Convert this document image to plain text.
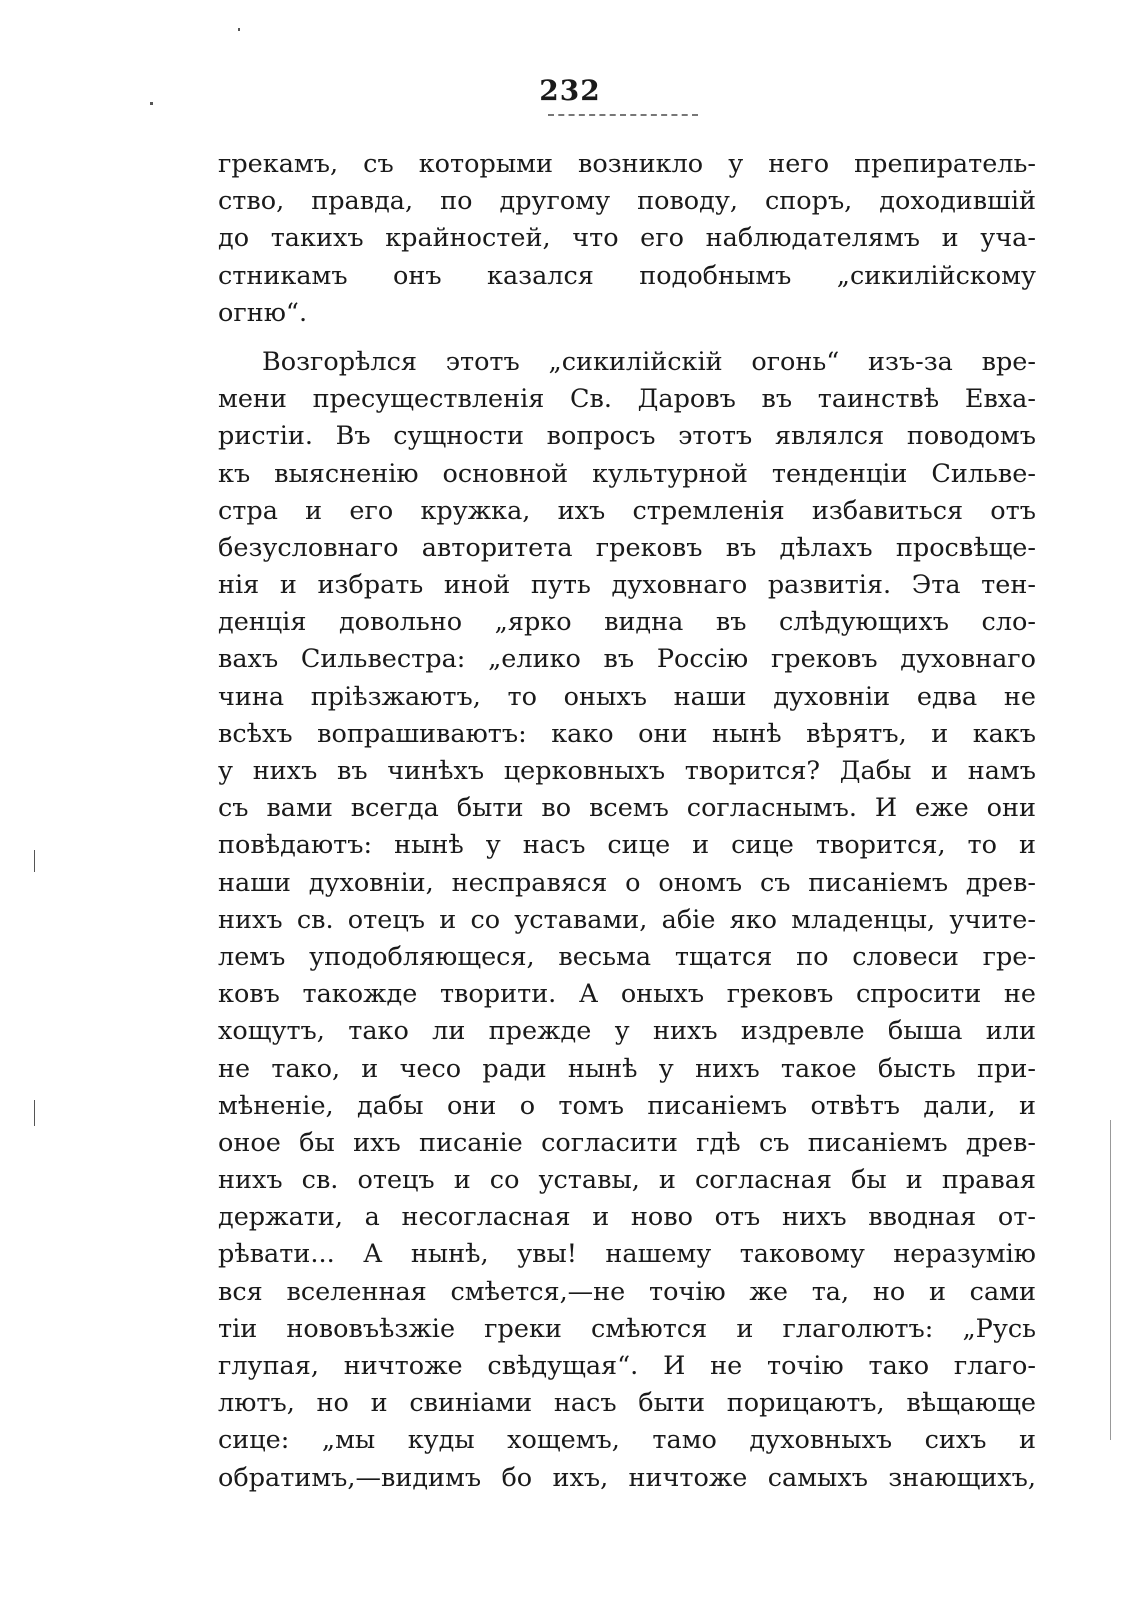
232
грекамъ, съ которыми возникло у него препиратель-
ство, правда, по другому поводу, споръ, доходившій
до такихъ крайностей, что его наблюдателямъ и уча-
стникамъ онъ казался подобнымъ „сикилійскому
огню“.
Возгорѣлся этотъ „сикилійскій огонь“ изъ-за вре-
мени пресуществленія Св. Даровъ въ таинствѣ Евха-
ристіи. Въ сущности вопросъ этотъ являлся поводомъ
къ выясненію основной культурной тенденціи Сильве-
стра и его кружка, ихъ стремленія избавиться отъ
безусловнаго авторитета грековъ въ дѣлахъ просвѣще-
нія и избрать иной путь духовнаго развитія. Эта тен-
денція довольно „ярко видна въ слѣдующихъ сло-
вахъ Сильвестра: „елико въ Россію грековъ духовнаго
чина пріѣзжаютъ, то оныхъ наши духовніи едва не
всѣхъ вопрашиваютъ: како они нынѣ вѣрятъ, и какъ
у нихъ въ чинѣхъ церковныхъ творится? Дабы и намъ
съ вами всегда быти во всемъ согласнымъ. И еже они
повѣдаютъ: нынѣ у насъ сице и сице творится, то и
наши духовніи, несправяся о ономъ съ писаніемъ древ-
нихъ св. отецъ и со уставами, абіе яко младенцы, учите-
лемъ уподобляющеся, весьма тщатся по словеси гре-
ковъ такожде творити. А оныхъ грековъ спросити не
хощутъ, тако ли прежде у нихъ издревле быша или
не тако, и чесо ради нынѣ у нихъ такое бысть при-
мѣненіе, дабы они о томъ писаніемъ отвѣтъ дали, и
оное бы ихъ писаніе согласити гдѣ съ писаніемъ древ-
нихъ св. отецъ и со уставы, и согласная бы и правая
держати, а несогласная и ново отъ нихъ вводная от-
рѣвати... А нынѣ, увы! нашему таковому неразумію
вся вселенная смѣется,—не точію же та, но и сами
тіи нововъѣзжіе греки смѣются и глаголютъ: „Русь
глупая, ничтоже свѣдущая“. И не точію тако глаго-
лютъ, но и свиніами насъ быти порицаютъ, вѣщающе
сице: „мы куды хощемъ, тамо духовныхъ сихъ и
обратимъ,—видимъ бо ихъ, ничтоже самыхъ знающихъ,
